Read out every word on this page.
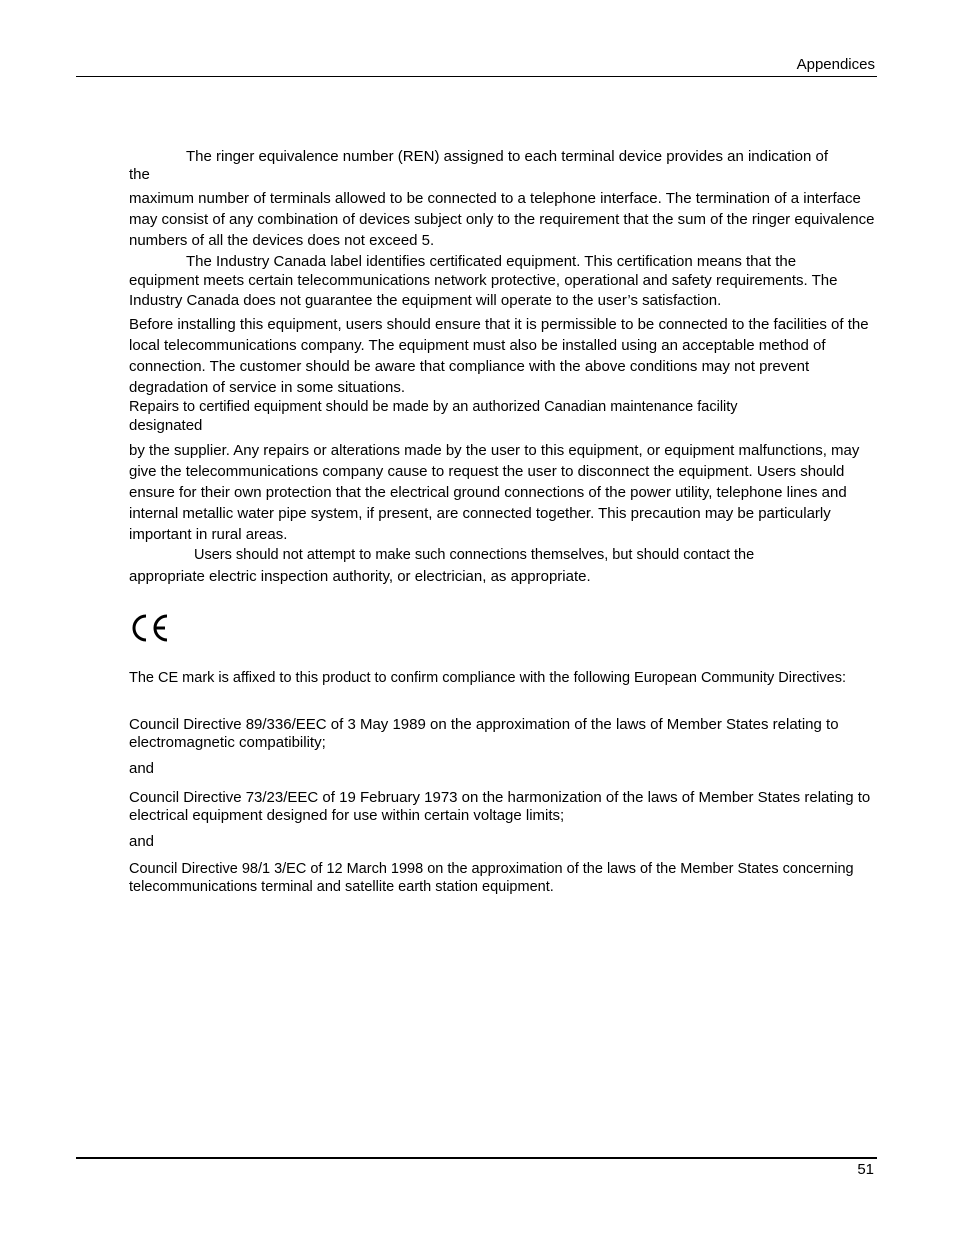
Appendices

The ringer equivalence number (REN) assigned to each terminal device provides an indication of

the

maximum number of terminals allowed to be connected to a telephone interface. The termination of a interface may consist of any combination of devices subject only to the requirement that the sum of the ringer equivalence numbers of all the devices does not exceed 5.

The Industry Canada label identifies certificated equipment. This certification means that the

equipment meets certain telecommunications network protective, operational and safety requirements. The Industry Canada does not guarantee the equipment will operate to the user’s satisfaction.

Before installing this equipment, users should ensure that it is permissible to be connected to the facilities of the local telecommunications company. The equipment must also be installed using an acceptable method of connection. The customer should be aware that compliance with the above conditions may not prevent degradation of service in some situations.

Repairs to certified equipment should be made by an authorized Canadian maintenance facility

designated

by the supplier. Any repairs or alterations made by the user to this equipment, or equipment malfunctions, may give the telecommunications company cause to request the user to disconnect the equipment. Users should ensure for their own protection that the electrical ground connections of the power utility, telephone lines and internal metallic water pipe system, if present, are connected together. This precaution may be particularly important in rural areas.

Users should not attempt to make such connections themselves, but should contact the

appropriate electric inspection authority, or electrician, as appropriate.

The CE mark is affixed to this product to confirm compliance with the following European Community Directives:

Council Directive 89/336/EEC of 3 May 1989 on the approximation of the laws of Member States relating to electromagnetic compatibility;

and

Council Directive 73/23/EEC of 19 February 1973 on the harmonization of the laws of Member States relating to electrical equipment designed for use within certain voltage limits;

and

Council Directive 98/1 3/EC of 12 March 1998 on the approximation of the laws of the Member States concerning telecommunications terminal and satellite earth station equipment.

51
